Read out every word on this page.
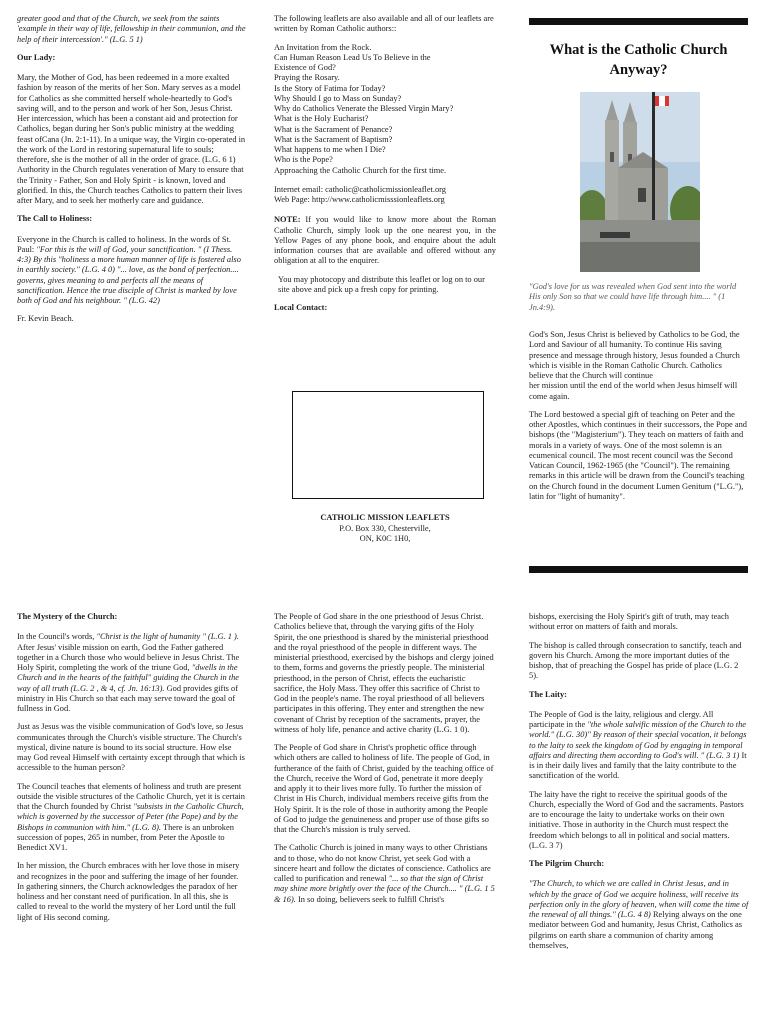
greater good and that of the Church, we seek from the saints 'example in their way of life, fellowship in their communion, and the help of their intercession'." (L.G. 5 1)

Our Lady:

Mary, the Mother of God, has been redeemed in a more exalted fashion by reason of the merits of her Son. Mary serves as a model for Catholics as she committed herself whole-heartedly to God's saving will, and to the person and work of her Son, Jesus Christ. Her intercession, which has been a constant aid and protection for Catholics, began during her Son's public ministry at the wedding feast ofCana (Jn. 2:1-11). In a unique way, the Virgin co-operated in the work of the Lord in restoring supernatural life to souls; therefore, she is the mother of all in the order of grace. (L.G. 6 1) Authority in the Church regulates veneration of Mary to ensure that the Trinity - Father, Son and Holy Spirit - is known, loved and glorified. In this, the Church teaches Catholics to pattern their lives after Mary, and to seek her motherly care and guidance.

The Call to Holiness:

Everyone in the Church is called to holiness. In the words of St. Paul: "For this is the will of God, your sanctification. " (I Thess. 4:3) By this "holiness a more human manner of life is fostered also in earthly society." (L.G. 4 0) "... love, as the bond of perfection.... governs, gives meaning to and perfects all the means of sanctification. Hence the true disciple of Christ is marked by love both of God and his neighbour. " (L.G. 42)

Fr. Kevin Beach.

The following leaflets are also available and all of our leaflets are written by Roman Catholic authors::

An Invitation from the Rock.
Can Human Reason Lead Us To Believe in the
Existence of God?
Praying the Rosary.
Is the Story of Fatima for Today?
Why Should I go to Mass on Sunday?
Why do Catholics Venerate the Blessed Virgin Mary?
What is the Holy Eucharist?
What is the Sacrament of Penance?
What is the Sacrament of Baptism?
What happens to me when I Die?
Who is the Pope?
Approaching the Catholic Church for the first time.
Internet email: catholic@catholicmissionleaflet.org
Web Page: http://www.catholicmisssionleaflets.org

NOTE: If you would like to know more about the Roman Catholic Church, simply look up the one nearest you, in the Yellow Pages of any phone book, and enquire about the adult information courses that are available and offered without any obligation at all to the enquirer.

You may photocopy and distribute this leaflet or log on to our site above and pick up a fresh copy for printing.

Local Contact:
CATHOLIC MISSION LEAFLETS
P.O. Box 330, Chesterville,
ON, K0C 1H0,
What is the Catholic Church
Anyway?
"God's love for us was revealed when God sent into the world His only Son so that we could have life through him.... " (1 Jn.4:9).
God's Son, Jesus Christ is believed by Catholics to be God, the Lord and Saviour of all humanity. To continue His saving presence and message through history, Jesus founded a Church which is visible in the Roman Catholic Church. Catholics believe that the Church will continue

her mission until the end of the world when Jesus himself will come again.

The Lord bestowed a special gift of teaching on Peter and the other Apostles, which continues in their successors, the Pope and bishops (the "Magisterium"). They teach on matters of faith and morals in a variety of ways. One of the most solemn is an ecumenical council. The most recent council was the Second Vatican Council, 1962-1965 (the "Council"). The remaining remarks in this article will be drawn from the Council's teaching on the Church found in the document Lumen Genitum ("L.G."), latin for "light of humanity".

The Mystery of the Church:

In the Council's words, "Christ is the light of humanity " (L.G. 1 ). After Jesus' visible mission on earth, God the Father gathered together in a Church those who would believe in Jesus Christ. The Holy Spirit, completing the work of the triune God, "dwells in the Church and in the hearts of the faithful" guiding the Church in the way of all truth (L.G. 2 , & 4, cf. Jn. 16:13). God provides gifts of ministry in His Church so that each may serve toward the goal of fullness in God.

Just as Jesus was the visible communication of God's love, so Jesus communicates through the Church's visible structure. The Church's mystical, divine nature is bound to its social structure. How else may God reveal Himself with certainty except through that which is accessible to the human person?

The Council teaches that elements of holiness and truth are present outside the visible structures of the Catholic Church, yet it is certain that the Church founded by Christ "subsists in the Catholic Church, which is governed by the successor of Peter (the Pope) and by the Bishops in communion with him." (L.G. 8). There is an unbroken succession of popes, 265 in number, from Peter the Apostle to Benedict XV1.

In her mission, the Church embraces with her love those in misery and recognizes in the poor and suffering the image of her founder. In gathering sinners, the Church acknowledges the paradox of her holiness and her constant need of purification. In all this, she is called to reveal to the world the mystery of her Lord until the full light of His second coming.

The People of God share in the one priesthood of Jesus Christ. Catholics believe that, through the varying gifts of the Holy Spirit, the one priesthood is shared by the ministerial priesthood and the royal priesthood of the people in different ways. The ministerial priesthood, exercised by the bishops and clergy joined to them, forms and governs the priestly people. The ministerial priesthood, in the person of Christ, effects the eucharistic sacrifice, the Holy Mass. They offer this sacrifice of Christ to God in the people's name. The royal priesthood of all believers participates in this offering. They enter and strengthen the new covenant of Christ by reception of the sacraments, prayer, the witness of holy life, penance and active charity (L.G. 1 0).

The People of God share in Christ's prophetic office through which others are called to holiness of life. The people of God, in furtherance of the faith of Christ, guided by the teaching office of the Church, receive the Word of God, penetrate it more deeply and apply it to their lives more fully. To further the mission of Christ in His Church, individual members receive gifts from the Holy Spirit. It is the role of those in authority among the People of God to judge the genuineness and proper use of those gifts so that the Church's mission is truly served.

The Catholic Church is joined in many ways to other Christians and to those, who do not know Christ, yet seek God with a sincere heart and follow the dictates of conscience. Catholics are called to purification and renewal "... so that the sign of Christ may shine more brightly over the face of the Church.... " (L.G. 1 5 & 16). In so doing, believers seek to fulfill Christ's

bishops, exercising the Holy Spirit's gift of truth, may teach without error on matters of faith and morals.

The bishop is called through consecration to sanctify, teach and govern his Church. Among the more important duties of the bishop, that of preaching the Gospel has pride of place (L.G. 2 5).

The Laity:

The People of God is the laity, religious and clergy. All participate in the "the whole salvific mission of the Church to the world." (L.G. 30)" By reason of their special vocation, it belongs to the laity to seek the kingdom of God by engaging in temporal affairs and directing them according to God's will. " (L.G. 3 1) It is in their daily lives and family that the laity contribute to the sanctification of the world.

The laity have the right to receive the spiritual goods of the Church, especially the Word of God and the sacraments. Pastors are to encourage the laity to undertake works on their own initiative. Those in authority in the Church must respect the freedom which belongs to all in political and social matters. (L.G. 3 7)

The Pilgrim Church:

"The Church, to which we are called in Christ Jesus, and in which by the grace of God we acquire holiness, will receive its perfection only in the glory of heaven, when will come the time of the renewal of all things." (L.G. 4 8) Relying always on the one mediator between God and humanity, Jesus Christ, Catholics as pilgrims on earth share a communion of charity among themselves,
